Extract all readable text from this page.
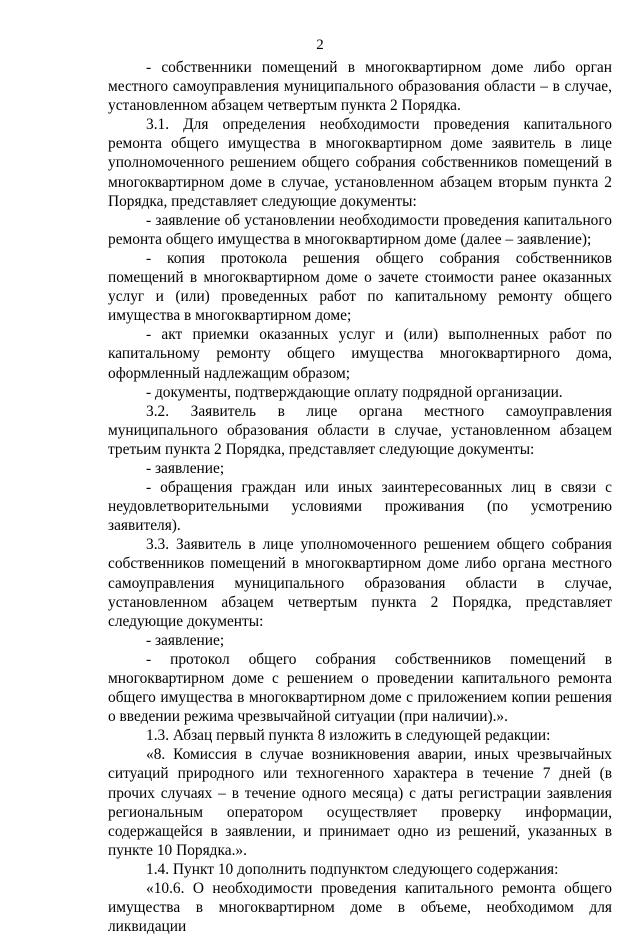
2

- собственники помещений в многоквартирном доме либо орган местного самоуправления муниципального образования области – в случае, установленном абзацем четвертым пункта 2 Порядка.

3.1. Для определения необходимости проведения капитального ремонта общего имущества в многоквартирном доме заявитель в лице уполномоченного решением общего собрания собственников помещений в многоквартирном доме в случае, установленном абзацем вторым пункта 2 Порядка, представляет следующие документы:

- заявление об установлении необходимости проведения капитального ремонта общего имущества в многоквартирном доме (далее – заявление);

- копия протокола решения общего собрания собственников помещений в многоквартирном доме о зачете стоимости ранее оказанных услуг и (или) проведенных работ по капитальному ремонту общего имущества в многоквартирном доме;

- акт приемки оказанных услуг и (или) выполненных работ по капитальному ремонту общего имущества многоквартирного дома, оформленный надлежащим образом;

- документы, подтверждающие оплату подрядной организации.

3.2. Заявитель в лице органа местного самоуправления муниципального образования области в случае, установленном абзацем третьим пункта 2 Порядка, представляет следующие документы:

- заявление;

- обращения граждан или иных заинтересованных лиц в связи с неудовлетворительными условиями проживания (по усмотрению заявителя).

3.3. Заявитель в лице уполномоченного решением общего собрания собственников помещений в многоквартирном доме либо органа местного самоуправления муниципального образования области в случае, установленном абзацем четвертым пункта 2 Порядка, представляет следующие документы:

- заявление;

- протокол общего собрания собственников помещений в многоквартирном доме с решением о проведении капитального ремонта общего имущества в многоквартирном доме с приложением копии решения о введении режима чрезвычайной ситуации (при наличии).».

1.3. Абзац первый пункта 8 изложить в следующей редакции:

«8. Комиссия в случае возникновения аварии, иных чрезвычайных ситуаций природного или техногенного характера в течение 7 дней (в прочих случаях – в течение одного месяца) с даты регистрации заявления региональным оператором осуществляет проверку информации, содержащейся в заявлении, и принимает одно из решений, указанных в пункте 10 Порядка.».

1.4. Пункт 10 дополнить подпунктом следующего содержания:

«10.6. О необходимости проведения капитального ремонта общего имущества в многоквартирном доме в объеме, необходимом для ликвидации
